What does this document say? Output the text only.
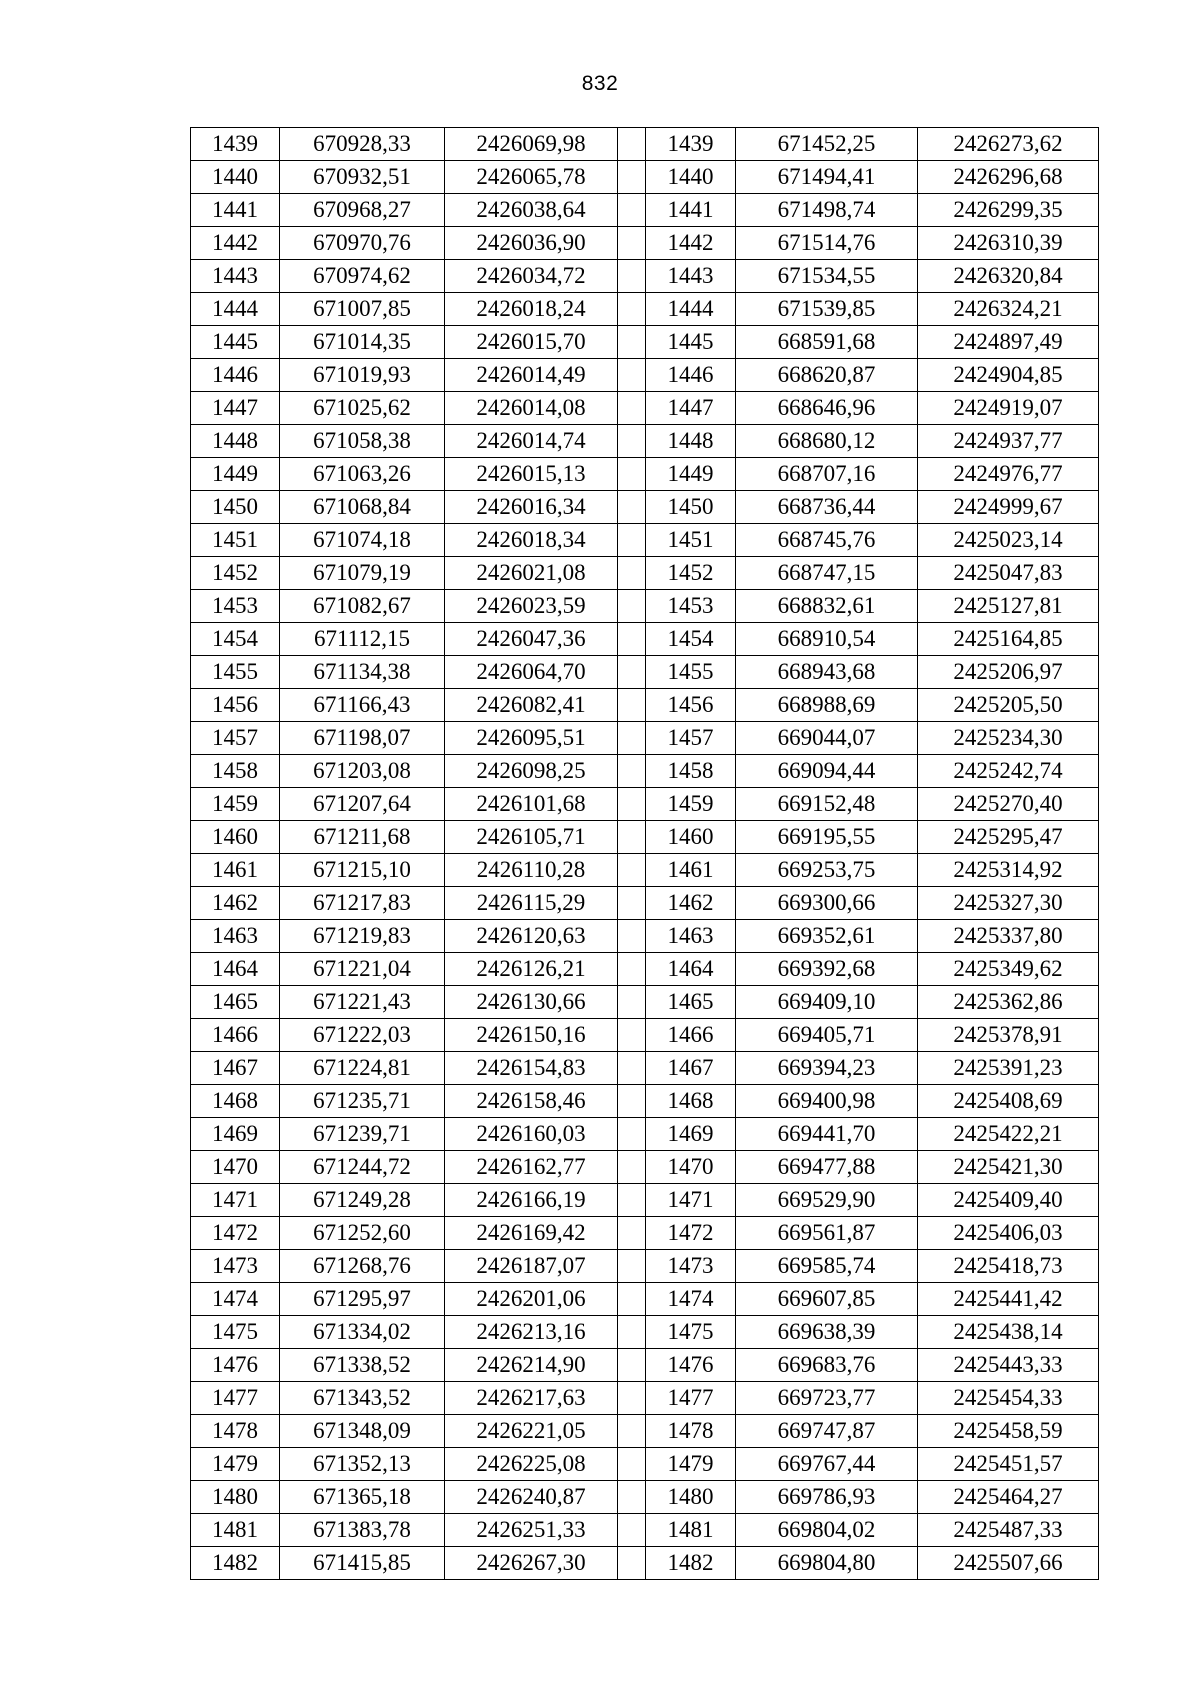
832
1439	670928,33	2426069,98		1439	671452,25	2426273,62
1440	670932,51	2426065,78		1440	671494,41	2426296,68
1441	670968,27	2426038,64		1441	671498,74	2426299,35
1442	670970,76	2426036,90		1442	671514,76	2426310,39
1443	670974,62	2426034,72		1443	671534,55	2426320,84
1444	671007,85	2426018,24		1444	671539,85	2426324,21
1445	671014,35	2426015,70		1445	668591,68	2424897,49
1446	671019,93	2426014,49		1446	668620,87	2424904,85
1447	671025,62	2426014,08		1447	668646,96	2424919,07
1448	671058,38	2426014,74		1448	668680,12	2424937,77
1449	671063,26	2426015,13		1449	668707,16	2424976,77
1450	671068,84	2426016,34		1450	668736,44	2424999,67
1451	671074,18	2426018,34		1451	668745,76	2425023,14
1452	671079,19	2426021,08		1452	668747,15	2425047,83
1453	671082,67	2426023,59		1453	668832,61	2425127,81
1454	671112,15	2426047,36		1454	668910,54	2425164,85
1455	671134,38	2426064,70		1455	668943,68	2425206,97
1456	671166,43	2426082,41		1456	668988,69	2425205,50
1457	671198,07	2426095,51		1457	669044,07	2425234,30
1458	671203,08	2426098,25		1458	669094,44	2425242,74
1459	671207,64	2426101,68		1459	669152,48	2425270,40
1460	671211,68	2426105,71		1460	669195,55	2425295,47
1461	671215,10	2426110,28		1461	669253,75	2425314,92
1462	671217,83	2426115,29		1462	669300,66	2425327,30
1463	671219,83	2426120,63		1463	669352,61	2425337,80
1464	671221,04	2426126,21		1464	669392,68	2425349,62
1465	671221,43	2426130,66		1465	669409,10	2425362,86
1466	671222,03	2426150,16		1466	669405,71	2425378,91
1467	671224,81	2426154,83		1467	669394,23	2425391,23
1468	671235,71	2426158,46		1468	669400,98	2425408,69
1469	671239,71	2426160,03		1469	669441,70	2425422,21
1470	671244,72	2426162,77		1470	669477,88	2425421,30
1471	671249,28	2426166,19		1471	669529,90	2425409,40
1472	671252,60	2426169,42		1472	669561,87	2425406,03
1473	671268,76	2426187,07		1473	669585,74	2425418,73
1474	671295,97	2426201,06		1474	669607,85	2425441,42
1475	671334,02	2426213,16		1475	669638,39	2425438,14
1476	671338,52	2426214,90		1476	669683,76	2425443,33
1477	671343,52	2426217,63		1477	669723,77	2425454,33
1478	671348,09	2426221,05		1478	669747,87	2425458,59
1479	671352,13	2426225,08		1479	669767,44	2425451,57
1480	671365,18	2426240,87		1480	669786,93	2425464,27
1481	671383,78	2426251,33		1481	669804,02	2425487,33
1482	671415,85	2426267,30		1482	669804,80	2425507,66
